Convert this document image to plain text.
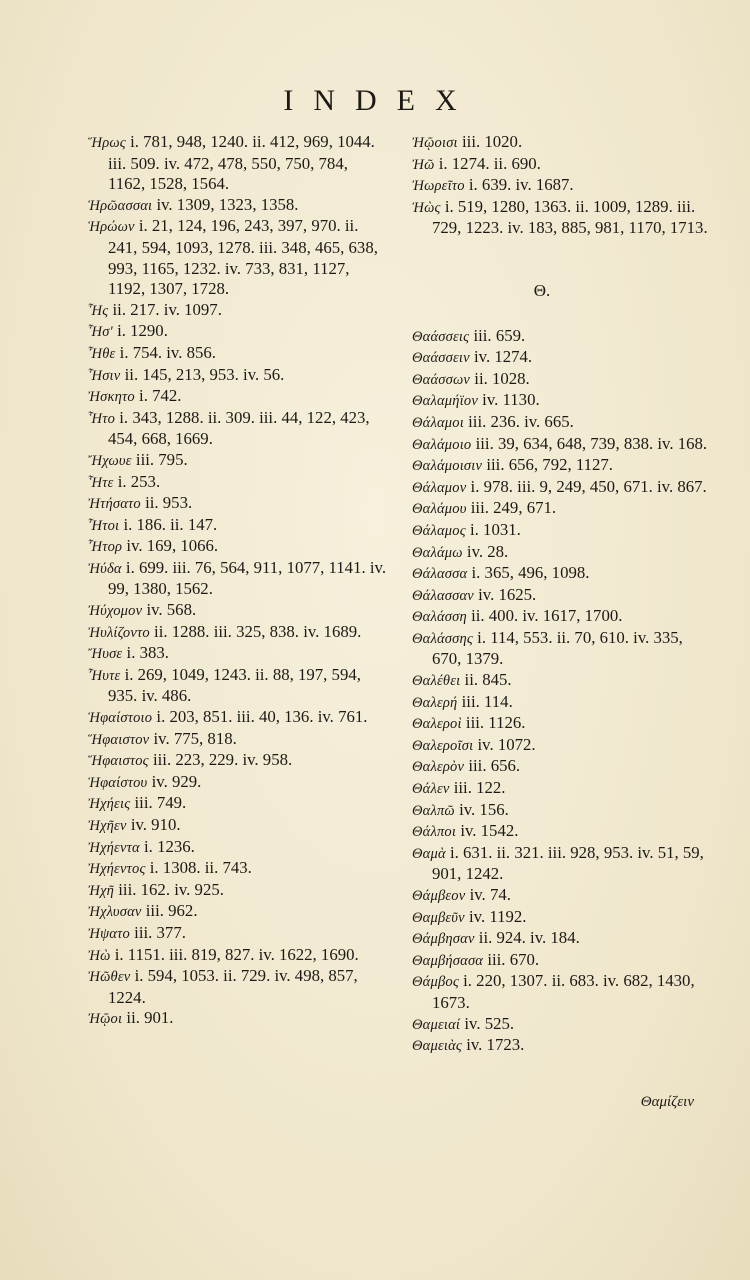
INDEX
Ἥρως i. 781, 948, 1240. ii. 412, 969, 1044. iii. 509. iv. 472, 478, 550, 750, 784, 1162, 1528, 1564.
Ἡρῶασσαι iv. 1309, 1323, 1358.
Ἡρώων i. 21, 124, 196, 243, 397, 970. ii. 241, 594, 1093, 1278. iii. 348, 465, 638, 993, 1165, 1232. iv. 733, 831, 1127, 1192, 1307, 1728.
Ἧς ii. 217. iv. 1097.
Ἧσ' i. 1290.
Ἦθε i. 754. iv. 856.
Ἧσιν ii. 145, 213, 953. iv. 56.
Ἠσκητο i. 742.
Ἧτο i. 343, 1288. ii. 309. iii. 44, 122, 423, 454, 668, 1669.
Ἤχωυε iii. 795.
Ἧτε i. 253.
Ἠτήσατο ii. 953.
Ἦτοι i. 186. ii. 147.
Ἦτορ iv. 169, 1066.
Ἠύδα i. 699. iii. 76, 564, 911, 1077, 1141. iv. 99, 1380, 1562.
Ἠύχομον iv. 568.
Ἠυλίζοντο ii. 1288. iii. 325, 838. iv. 1689.
Ἤυσε i. 383.
Ἦυτε i. 269, 1049, 1243. ii. 88, 197, 594, 935. iv. 486.
Ἡφαίστοιο i. 203, 851. iii. 40, 136. iv. 761.
Ἥφαιστον iv. 775, 818.
Ἥφαιστος iii. 223, 229. iv. 958.
Ἡφαίστου iv. 929.
Ἠχήεις iii. 749.
Ἠχῆεν iv. 910.
Ἠχήεντα i. 1236.
Ἠχήεντος i. 1308. ii. 743.
Ἠχῆ iii. 162. iv. 925.
Ἠχλυσαν iii. 962.
Ἠψατο iii. 377.
Ἠὼ i. 1151. iii. 819, 827. iv. 1622, 1690.
Ἠῶθεν i. 594, 1053. ii. 729. iv. 498, 857, 1224.
Ἠῷοι ii. 901.
Ἠῷοισι iii. 1020.
Ἠῶ i. 1274. ii. 690.
Ἠωρεῖτο i. 639. iv. 1687.
Ἠὼς i. 519, 1280, 1363. ii. 1009, 1289. iii. 729, 1223. iv. 183, 885, 981, 1170, 1713.
Θ.
Θαάσσεις iii. 659.
Θαάσσειν iv. 1274.
Θαάσσων ii. 1028.
Θαλαμήϊον iv. 1130.
Θάλαμοι iii. 236. iv. 665.
Θαλάμοιο iii. 39, 634, 648, 739, 838. iv. 168.
Θαλάμοισιν iii. 656, 792, 1127.
Θάλαμον i. 978. iii. 9, 249, 450, 671. iv. 867.
Θαλάμου iii. 249, 671.
Θάλαμος i. 1031.
Θαλάμω iv. 28.
Θάλασσα i. 365, 496, 1098.
Θάλασσαν iv. 1625.
Θαλάσση ii. 400. iv. 1617, 1700.
Θαλάσσης i. 114, 553. ii. 70, 610. iv. 335, 670, 1379.
Θαλέθει ii. 845.
Θαλερή iii. 114.
Θαλεροὶ iii. 1126.
Θαλεροῖσι iv. 1072.
Θαλερὸν iii. 656.
Θάλεν iii. 122.
Θαλπῶ iv. 156.
Θάλποι iv. 1542.
Θαμὰ i. 631. ii. 321. iii. 928, 953. iv. 51, 59, 901, 1242.
Θάμβεον iv. 74.
Θαμβεῦν iv. 1192.
Θάμβησαν ii. 924. iv. 184.
Θαμβήσασα iii. 670.
Θάμβος i. 220, 1307. ii. 683. iv. 682, 1430, 1673.
Θαμειαί iv. 525.
Θαμειὰς iv. 1723.
Θαμίζειν
